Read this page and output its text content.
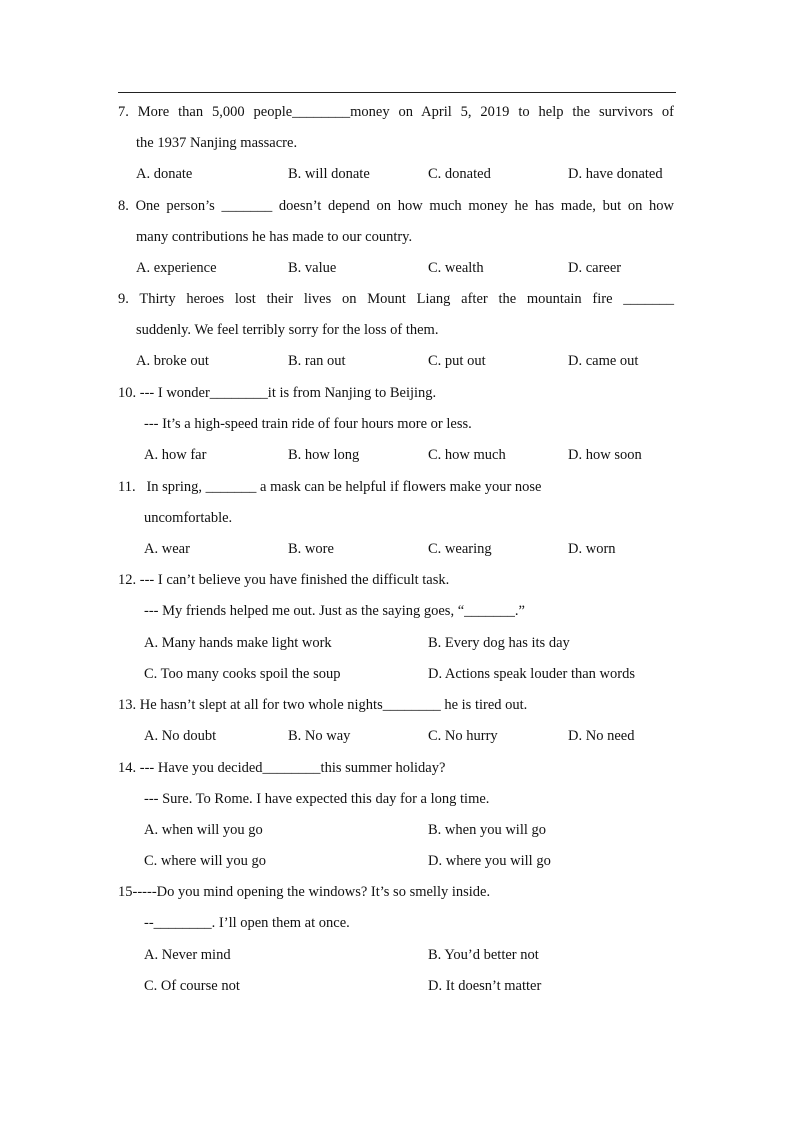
7. More than 5,000 people________money on April 5, 2019 to help the survivors of
the 1937 Nanjing massacre.
A. donate	B. will donate	C. donated	D. have donated
8. One person’s _______ doesn’t depend on how much money he has made, but on how
many contributions he has made to our country.
A. experience	B. value	C. wealth	D. career
9. Thirty heroes lost their lives on Mount Liang after the mountain fire _______
suddenly. We feel terribly sorry for the loss of them.
A. broke out	B. ran out	C. put out	D. came out
10. --- I wonder________it is from Nanjing to Beijing.
--- It’s a high-speed train ride of four hours more or less.
A. how far	B. how long	C. how much	D. how soon
11.   In spring, _______ a mask can be helpful if flowers make your nose
uncomfortable.
A. wear	B. wore	C. wearing	D. worn
12. --- I can’t believe you have finished the difficult task.
--- My friends helped me out. Just as the saying goes, “_______.”
A. Many hands make light work	B. Every dog has its day
C. Too many cooks spoil the soup	D. Actions speak louder than words
13. He hasn’t slept at all for two whole nights________ he is tired out.
A. No doubt	B. No way	C. No hurry	D. No need
14. --- Have you decided________this summer holiday?
--- Sure. To Rome. I have expected this day for a long time.
A. when will you go	B. when you will go
C. where will you go	D. where you will go
15-----Do you mind opening the windows? It’s so smelly inside.
--________. I’ll open them at once.
A. Never mind	B. You’d better not
C. Of course not	D. It doesn’t matter
